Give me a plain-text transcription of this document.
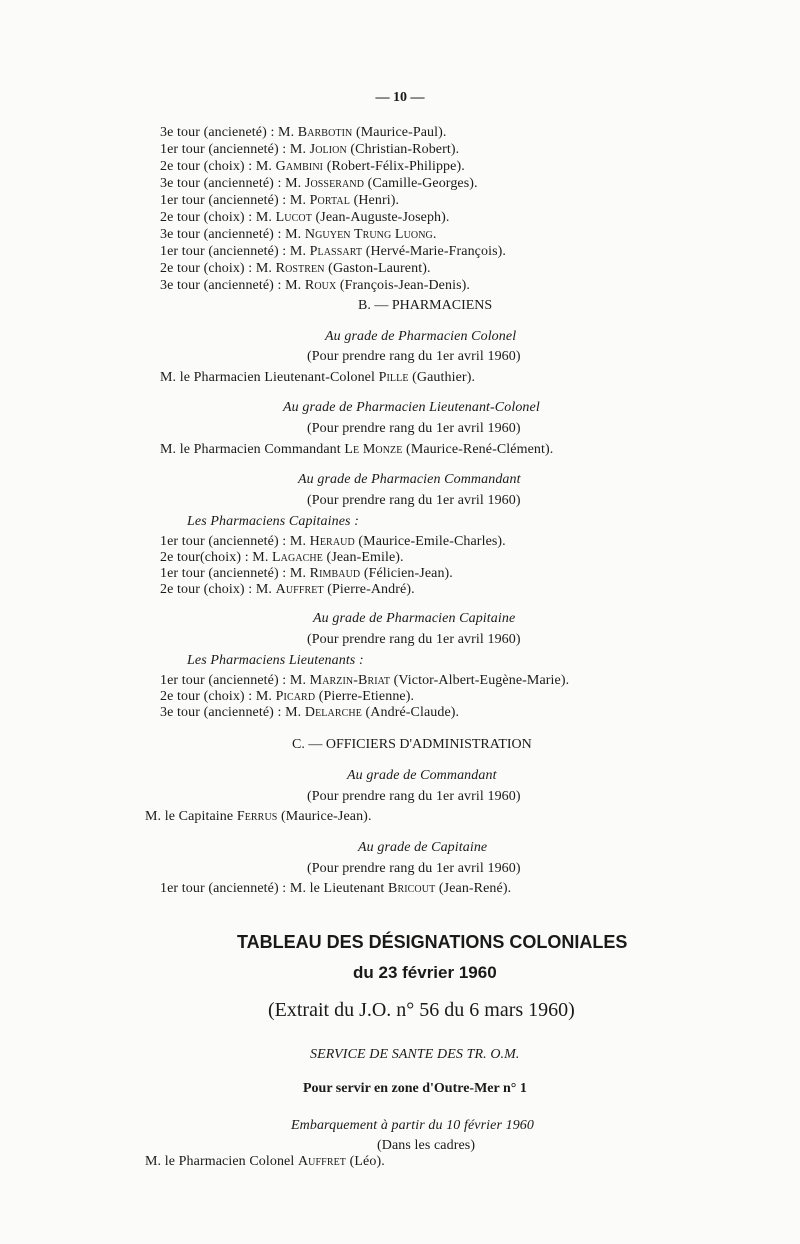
— 10 —
3e tour (ancieneté) : M. Barbotin (Maurice-Paul).
1er tour (ancienneté) : M. Jolion (Christian-Robert).
2e tour (choix) : M. Gambini (Robert-Félix-Philippe).
3e tour (ancienneté) : M. Josserand (Camille-Georges).
1er tour (ancienneté) : M. Portal (Henri).
2e tour (choix) : M. Lucot (Jean-Auguste-Joseph).
3e tour (ancienneté) : M. Nguyen Trung Luong.
1er tour (ancienneté) : M. Plassart (Hervé-Marie-François).
2e tour (choix) : M. Rostren (Gaston-Laurent).
3e tour (ancienneté) : M. Roux (François-Jean-Denis).
B. — PHARMACIENS
Au grade de Pharmacien Colonel
(Pour prendre rang du 1er avril 1960)
M. le Pharmacien Lieutenant-Colonel Pille (Gauthier).
Au grade de Pharmacien Lieutenant-Colonel
(Pour prendre rang du 1er avril 1960)
M. le Pharmacien Commandant Le Monze (Maurice-René-Clément).
Au grade de Pharmacien Commandant
(Pour prendre rang du 1er avril 1960)
Les Pharmaciens Capitaines :
1er tour (ancienneté) : M. Heraud (Maurice-Emile-Charles).
2e tour(choix) : M. Lagache (Jean-Emile).
1er tour (ancienneté) : M. Rimbaud (Félicien-Jean).
2e tour (choix) : M. Auffret (Pierre-André).
Au grade de Pharmacien Capitaine
(Pour prendre rang du 1er avril 1960)
Les Pharmaciens Lieutenants :
1er tour (ancienneté) : M. Marzin-Briat (Victor-Albert-Eugène-Marie).
2e tour (choix) : M. Picard (Pierre-Etienne).
3e tour (ancienneté) : M. Delarche (André-Claude).
C. — OFFICIERS D'ADMINISTRATION
Au grade de Commandant
(Pour prendre rang du 1er avril 1960)
M. le Capitaine Ferrus (Maurice-Jean).
Au grade de Capitaine
(Pour prendre rang du 1er avril 1960)
1er tour (ancienneté) : M. le Lieutenant Bricout (Jean-René).
TABLEAU DES DÉSIGNATIONS COLONIALES
du 23 février 1960
(Extrait du J.O. n° 56 du 6 mars 1960)
SERVICE DE SANTE DES TR. O.M.
Pour servir en zone d'Outre-Mer n° 1
Embarquement à partir du 10 février 1960
(Dans les cadres)
M. le Pharmacien Colonel Auffret (Léo).
